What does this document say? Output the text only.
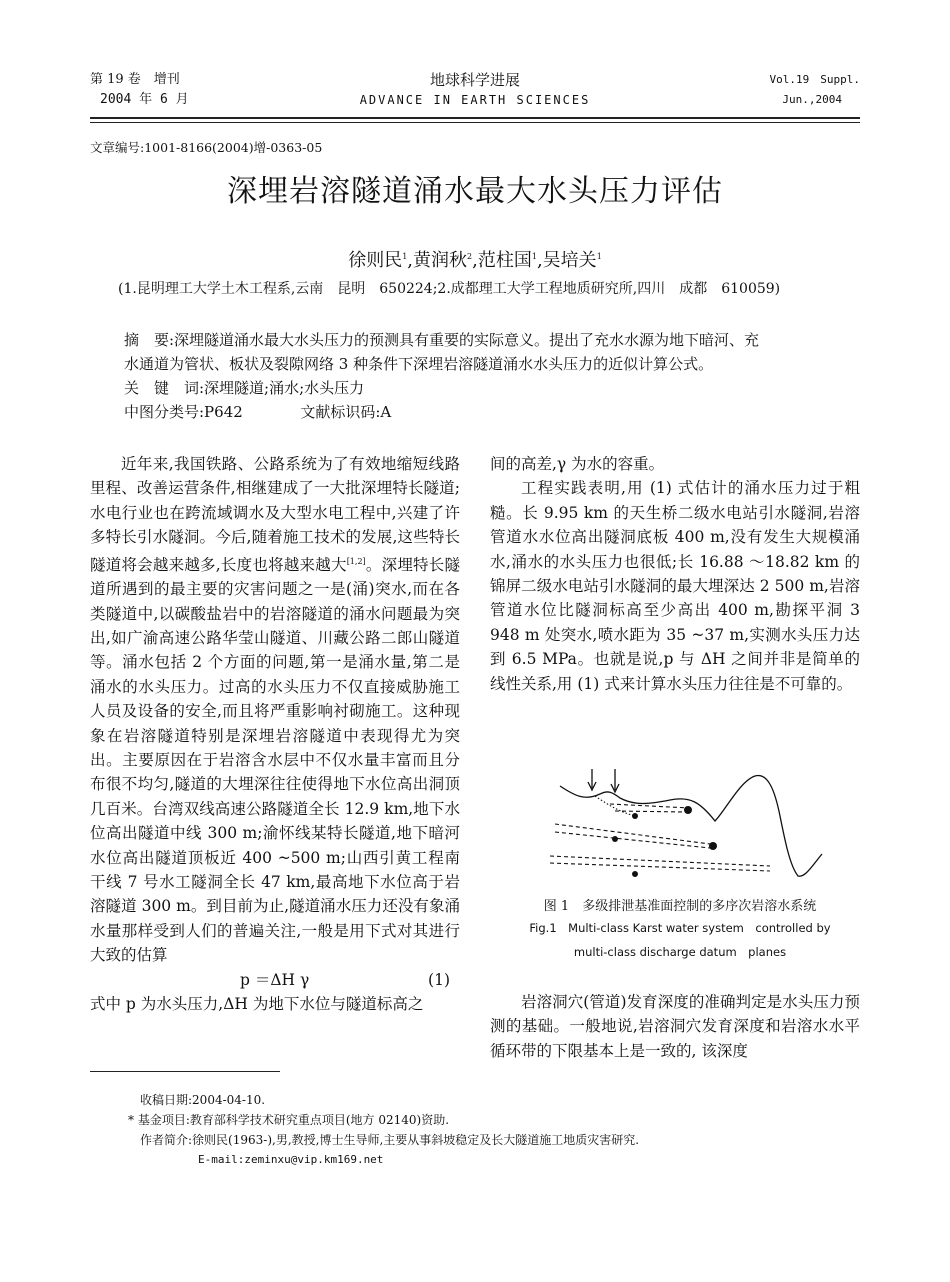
第 19 卷　增刊
2004 年 6 月
地球科学进展
ADVANCE IN EARTH SCIENCES
Vol.19　Suppl.
Jun.,2004
文章编号:1001-8166(2004)增-0363-05
深埋岩溶隧道涌水最大水头压力评估
徐则民$^1$,黄润秋$^2$,范柱国$^1$,吴培关$^1$
(1.昆明理工大学土木工程系,云南　昆明　650224;2.成都理工大学工程地质研究所,四川　成都　610059)

摘　要:深埋隧道涌水最大水头压力的预测具有重要的实际意义。提出了充水水源为地下暗河、充

水通道为管状、板状及裂隙网络 3 种条件下深埋岩溶隧道涌水水头压力的近似计算公式。

关　键　词:深埋隧道;涌水;水头压力

中图分类号:P642	文献标识码:A

近年来,我国铁路、公路系统为了有效地缩短线路里程、改善运营条件,相继建成了一大批深埋特长隧道;水电行业也在跨流域调水及大型水电工程中,兴建了许多特长引水隧洞。今后,随着施工技术的发展,这些特长隧道将会越来越多,长度也将越来越大[1,2]。深埋特长隧道所遇到的最主要的灾害问题之一是(涌)突水,而在各类隧道中,以碳酸盐岩中的岩溶隧道的涌水问题最为突出,如广渝高速公路华莹山隧道、川藏公路二郎山隧道等。涌水包括 2 个方面的问题,第一是涌水量,第二是涌水的水头压力。过高的水头压力不仅直接威胁施工人员及设备的安全,而且将严重影响衬砌施工。这种现象在岩溶隧道特别是深埋岩溶隧道中表现得尤为突出。主要原因在于岩溶含水层中不仅水量丰富而且分布很不均匀,隧道的大埋深往往使得地下水位高出洞顶几百米。台湾双线高速公路隧道全长 12.9 km,地下水位高出隧道中线 300 m;渝怀线某特长隧道,地下暗河水位高出隧道顶板近 400 ~500 m;山西引黄工程南干线 7 号水工隧洞全长 47 km,最高地下水位高于岩溶隧道 300 m。到目前为止,隧道涌水压力还没有象涌水量那样受到人们的普遍关注,一般是用下式对其进行大致的估算

p ＝ΔH γ	(1)

式中 p 为水头压力,ΔH 为地下水位与隧道标高之

间的高差,γ 为水的容重。

工程实践表明,用 (1) 式估计的涌水压力过于粗糙。长 9.95 km 的天生桥二级水电站引水隧洞,岩溶管道水水位高出隧洞底板 400 m,没有发生大规模涌水,涌水的水头压力也很低;长 16.88 ～18.82 km 的锦屏二级水电站引水隧洞的最大埋深达 2 500 m,岩溶管道水位比隧洞标高至少高出 400 m,勘探平洞 3 948 m 处突水,喷水距为 35 ~37 m,实测水头压力达到 6.5 MPa。也就是说,p 与 ΔH 之间并非是简单的线性关系,用 (1) 式来计算水头压力往往是不可靠的。

图 1　多级排泄基准面控制的多序次岩溶水系统
Fig.1　Multi-class Karst water system　controlled by
multi-class discharge datum　planes

岩溶洞穴(管道)发育深度的准确判定是水头压力预测的基础。一般地说,岩溶洞穴发育深度和岩溶水水平循环带的下限基本上是一致的, 该深度

收稿日期:2004-04-10.
* 基金项目:教育部科学技术研究重点项目(地方 02140)资助.
作者简介:徐则民(1963-),男,教授,博士生导师,主要从事斜坡稳定及长大隧道施工地质灾害研究.
E-mail:zeminxu@vip.km169.net
